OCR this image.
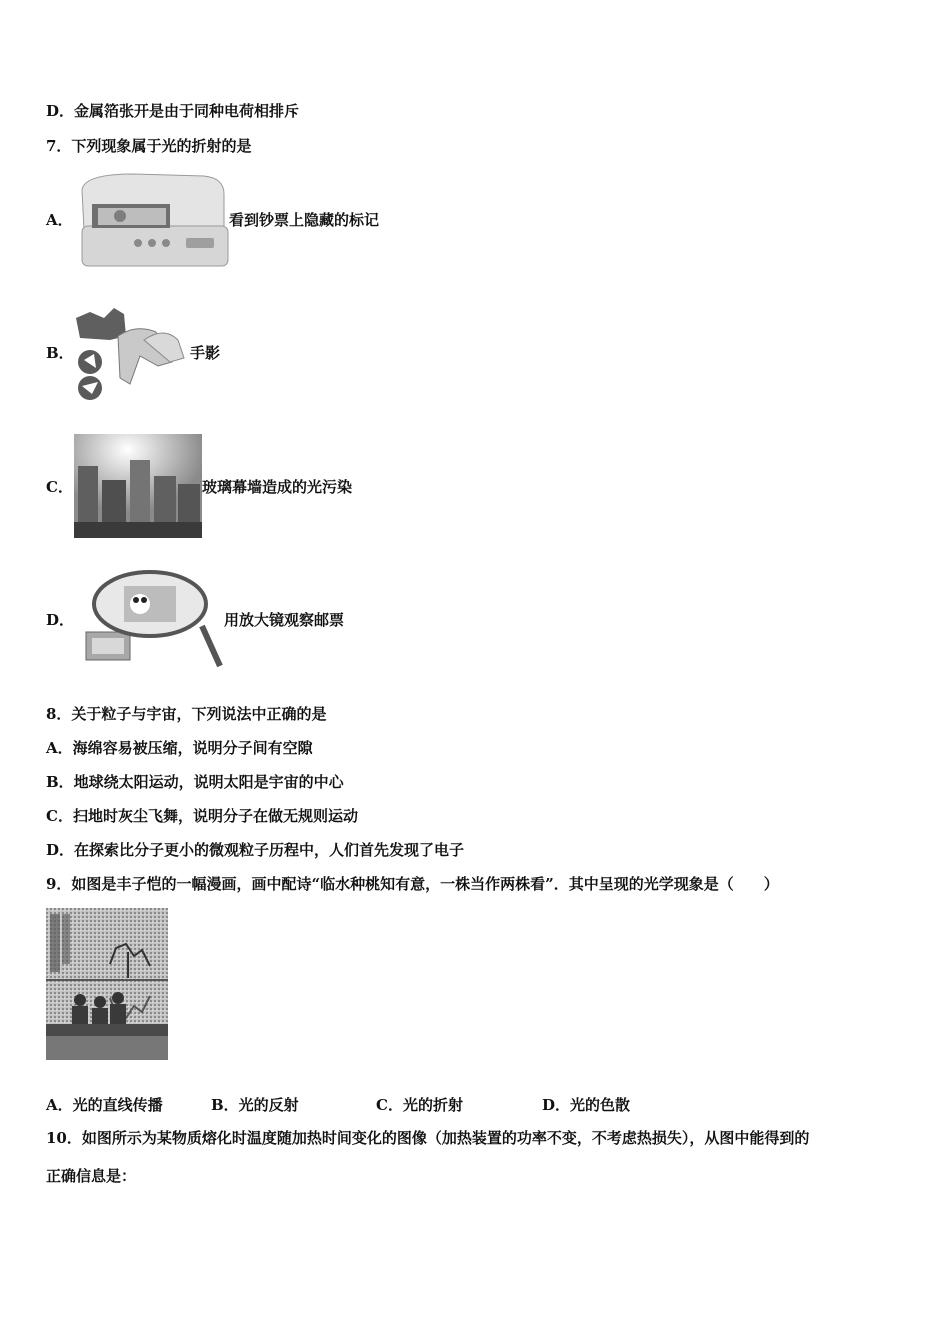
D．金属箔张开是由于同种电荷相排斥
7．下列现象属于光的折射的是
A．	看到钞票上隐藏的标记
B．	手影
C．	玻璃幕墙造成的光污染
D．	用放大镜观察邮票
8．关于粒子与宇宙，下列说法中正确的是
A．海绵容易被压缩，说明分子间有空隙
B．地球绕太阳运动，说明太阳是宇宙的中心
C．扫地时灰尘飞舞，说明分子在做无规则运动
D．在探索比分子更小的微观粒子历程中，人们首先发现了电子
9．如图是丰子恺的一幅漫画，画中配诗“临水种桃知有意，一株当作两株看”．其中呈现的光学现象是（　　）
A．光的直线传播	B．光的反射	C．光的折射	D．光的色散
10．如图所示为某物质熔化时温度随加热时间变化的图像（加热装置的功率不变，不考虑热损失），从图中能得到的
正确信息是：
